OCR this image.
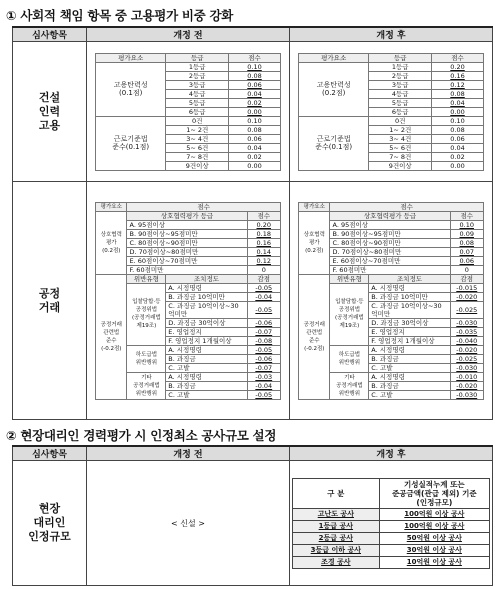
① 사회적 책임 항목 중 고용평가 비중 강화
심사항목	개정 전	개정 후
건설
인력
고용	
평가요소	등급	점수
고용탄력성
(0.1점)	1등급	0.10
2등급	0.08
3등급	0.06
4등급	0.04
5등급	0.02
6등급	0.00
근로기준법
준수(0.1점)	0건	0.10
1~ 2건	0.08
3~ 4건	0.06
5~ 6건	0.04
7~ 8건	0.02
9건이상	0.00

평가요소	등급	점수
고용탄력성
(0.2점)	1등급	0.20
2등급	0.16
3등급	0.12
4등급	0.08
5등급	0.04
6등급	0.00
근로기준법
준수(0.1점)	0건	0.10
1~ 2건	0.08
3~ 4건	0.06
5~ 6건	0.04
7~ 8건	0.02
9건이상	0.00

공정
거래	
평가요소	점수
상호협력
평가
(0.2점)	상호협력평가 등급	점수
A. 95점이상	0.20
B. 90점이상~95점미만	0.18
C. 80점이상~90점미만	0.16
D. 70점이상~80점미만	0.14
E. 60점이상~70점미만	0.12
F. 60점미만	0
공정거래
관련법
준수
(-0.2점)	위반유형	조치정도	감점
입찰담합·등
공정위법
(공정거래법
제19조)	A. 시정명령	-0.05
B. 과징금 10억미만	-0.04
C. 과징금 10억이상~30억미만	-0.05
D. 과징금 30억이상	-0.06
E. 영업정지	-0.07
F. 영업정지 1개월이상	-0.08
하도급법
위반행위	A. 시정명령	-0.05
B. 과징금	-0.06
C. 고발	-0.07
기타
공정거래법
위반행위	A. 시정명령	-0.03
B. 과징금	-0.04
C. 고발	-0.05

평가요소	점수
상호협력
평가
(0.2점)	상호협력평가 등급	점수
A. 95점이상	0.10
B. 90점이상~95점미만	0.09
C. 80점이상~90점미만	0.08
D. 70점이상~80점미만	0.07
E. 60점이상~70점미만	0.06
F. 60점미만	0
공정거래
관련법
준수
(-0.2점)	위반유형	조치정도	감점
입찰담합·등
공정위법
(공정거래법
제19조)	A. 시정명령	-0.015
B. 과징금 10억미만	-0.020
C. 과징금 10억이상~30억미만	-0.025
D. 과징금 30억이상	-0.030
E. 영업정지	-0.035
F. 영업정지 1개월이상	-0.040
하도급법
위반행위	A. 시정명령	-0.020
B. 과징금	-0.025
C. 고발	-0.030
기타
공정거래법
위반행위	A. 시정명령	-0.010
B. 과징금	-0.020
C. 고발	-0.030
② 현장대리인 경력평가 시 인정최소 공사규모 설정
심사항목	개정 전	개정 후
현장
대리인
인정규모	< 신설 >	
구 분	기성실적누계 또는
준공금액(관급 제외) 기준
(인정규모)
고난도 공사	100억원 이상 공사
1등급 공사	100억원 이상 공사
2등급 공사	50억원 이상 공사
3등급 이하 공사	30억원 이상 공사
조경 공사	10억원 이상 공사
